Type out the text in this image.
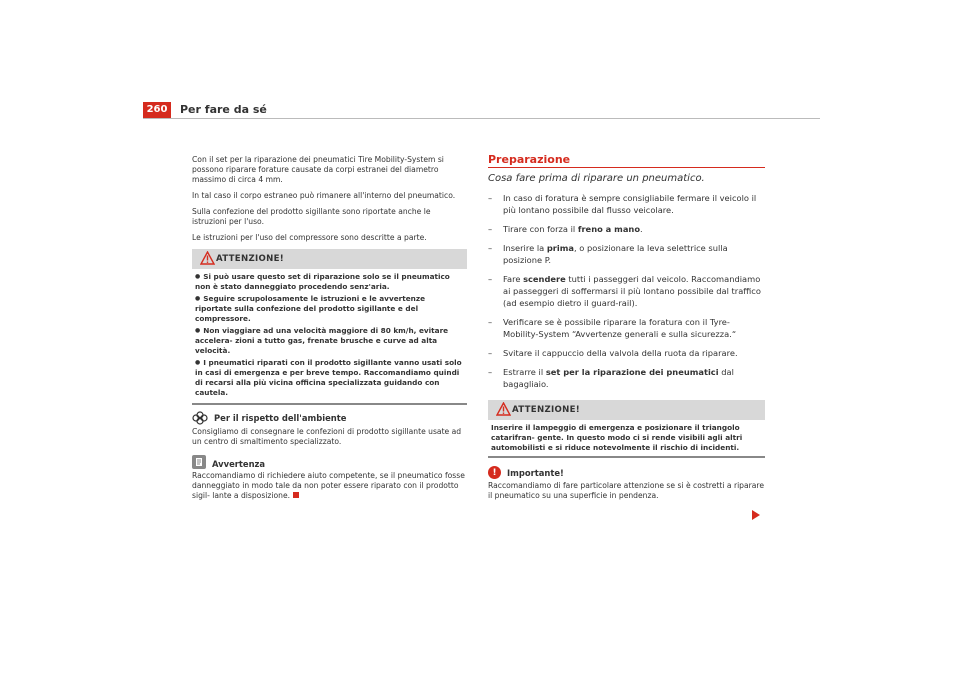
260	Per fare da sé

Con il set per la riparazione dei pneumatici Tire Mobility-System si possono riparare forature causate da corpi estranei del diametro massimo di circa 4 mm.

In tal caso il corpo estraneo può rimanere all'interno del pneumatico.

Sulla confezione del prodotto sigillante sono riportate anche le istruzioni per l'uso.

Le istruzioni per l'uso del compressore sono descritte a parte.

ATTENZIONE!
● Si può usare questo set di riparazione solo se il pneumatico non è stato danneggiato procedendo senz'aria.
● Seguire scrupolosamente le istruzioni e le avvertenze riportate sulla confezione del prodotto sigillante e del compressore.
● Non viaggiare ad una velocità maggiore di 80 km/h, evitare accelera- zioni a tutto gas, frenate brusche e curve ad alta velocità.
● I pneumatici riparati con il prodotto sigillante vanno usati solo in casi di emergenza e per breve tempo. Raccomandiamo quindi di recarsi alla più vicina officina specializzata guidando con cautela.
Per il rispetto dell'ambiente

Consigliamo di consegnare le confezioni di prodotto sigillante usate ad un centro di smaltimento specializzato.

Avvertenza

Raccomandiamo di richiedere aiuto competente, se il pneumatico fosse danneggiato in modo tale da non poter essere riparato con il prodotto sigil- lante a disposizione.

Preparazione
Cosa fare prima di riparare un pneumatico.
– In caso di foratura è sempre consigliabile fermare il veicolo il più lontano possibile dal flusso veicolare.
– Tirare con forza il freno a mano.
– Inserire la prima, o posizionare la leva selettrice sulla posizione P.
– Fare scendere tutti i passeggeri dal veicolo. Raccomandiamo ai passeggeri di soffermarsi il più lontano possibile dal traffico (ad esempio dietro il guard-rail).
– Verificare se è possibile riparare la foratura con il Tyre-Mobility-System “Avvertenze generali e sulla sicurezza.“
– Svitare il cappuccio della valvola della ruota da riparare.
– Estrarre il set per la riparazione dei pneumatici dal bagagliaio.
ATTENZIONE!
Inserire il lampeggio di emergenza e posizionare il triangolo catarifran- gente. In questo modo ci si rende visibili agli altri automobilisti e si riduce notevolmente il rischio di incidenti.
!	Importante!

Raccomandiamo di fare particolare attenzione se si è costretti a riparare il pneumatico su una superficie in pendenza.
